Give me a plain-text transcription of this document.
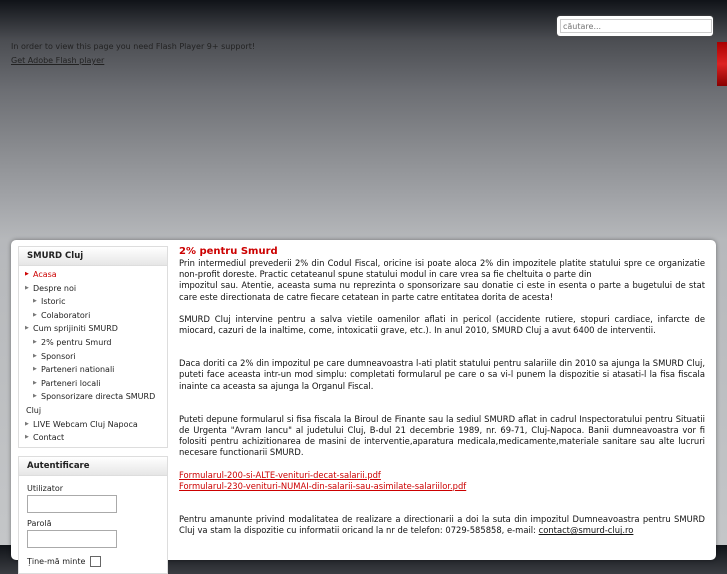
In order to view this page you need Flash Player 9+ support!
Get Adobe Flash player
căutare...
SMURD Cluj
▶ Acasa
▶ Despre noi
▶ Istoric
▶ Colaboratori
▶ Cum sprijiniti SMURD
▶ 2% pentru Smurd
▶ Sponsori
▶ Parteneri nationali
▶ Parteneri locali
▶ Sponsorizare directa SMURD
Cluj
▶ LIVE Webcam Cluj Napoca
▶ Contact
Autentificare
Utilizator
Parolă
Ține-mă minte
2% pentru Smurd

Prin intermediul prevederii 2% din Codul Fiscal, oricine isi poate aloca 2% din impozitele platite statului spre ce organizatie non-profit doreste. Practic cetateanul spune statului modul in care vrea sa fie cheltuita o parte din
impozitul sau. Atentie, aceasta suma nu reprezinta o sponsorizare sau donatie ci este in esenta o parte a bugetului de stat care este directionata de catre fiecare cetatean in parte catre entitatea dorita de acesta!

SMURD Cluj intervine pentru a salva vietile oamenilor aflati in pericol (accidente rutiere, stopuri cardiace, infarcte de miocard, cazuri de la inaltime, come, intoxicatii grave, etc.). In anul 2010, SMURD Cluj a avut 6400 de interventii.

Daca doriti ca 2% din impozitul pe care dumneavoastra l-ati platit statului pentru salariile din 2010 sa ajunga la SMURD Cluj, puteti face aceasta intr-un mod simplu: completati formularul pe care o sa vi-l punem la dispozitie si atasati-l la fisa fiscala inainte ca aceasta sa ajunga la Organul Fiscal.

Puteti depune formularul si fisa fiscala la Biroul de Finante sau la sediul SMURD aflat in cadrul Inspectoratului pentru Situatii de Urgenta "Avram Iancu" al judetului Cluj, B-dul 21 decembrie 1989, nr. 69-71, Cluj-Napoca. Banii dumneavoastra vor fi folositi pentru achizitionarea de masini de interventie,aparatura medicala,medicamente,materiale sanitare sau alte lucruri necesare functionarii SMURD.

Formularul-200-si-ALTE-venituri-decat-salarii.pdf
Formularul-230-venituri-NUMAI-din-salarii-sau-asimilate-salariilor.pdf

Pentru amanunte privind modalitatea de realizare a directionarii a doi la suta din impozitul Dumneavoastra pentru SMURD Cluj va stam la dispozitie cu informatii oricand la nr de telefon: 0729-585858, e-mail: contact@smurd-cluj.ro
